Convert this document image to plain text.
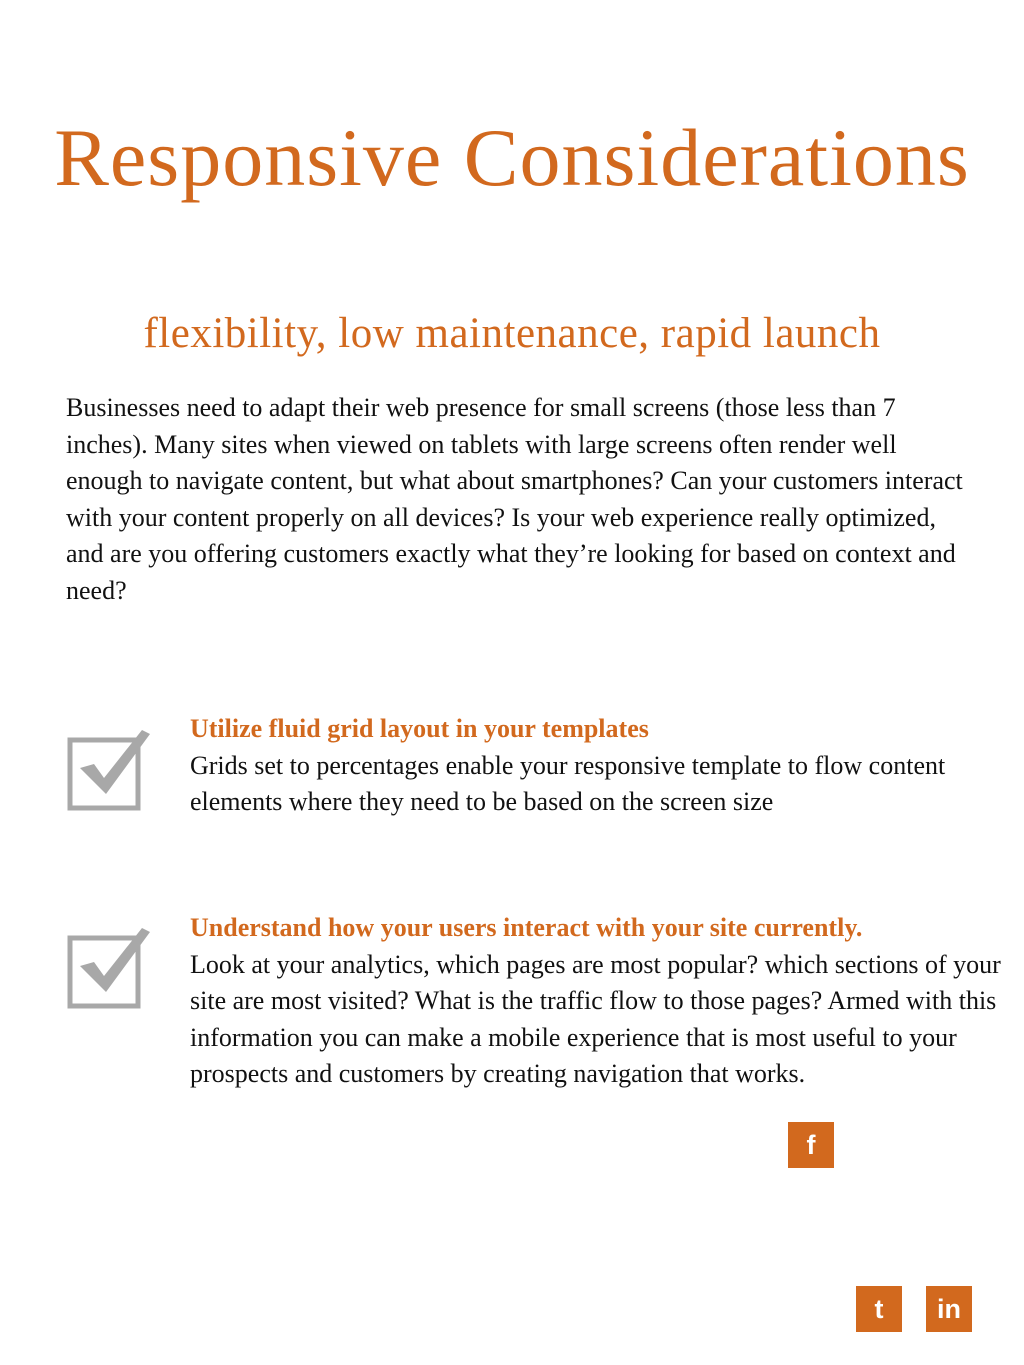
Responsive Considerations
flexibility, low maintenance, rapid launch

Businesses need to adapt their web presence for small screens (those less than 7 inches). Many sites when viewed on tablets with large screens often render well enough to navigate content, but what about smartphones? Can your customers interact with your content properly on all devices? Is your web experience really optimized, and are you offering customers exactly what they’re looking for based on context and need?

Utilize fluid grid layout in your templates
Grids set to percentages enable your responsive template to flow content elements where they need to be based on the screen size
Understand how your users interact with your site currently.
Look at your analytics, which pages are most popular? which sections of your site are most visited? What is the traffic flow to those pages? Armed with this information you can make a mobile experience that is most useful to your prospects and customers by creating navigation that works.
f
t	in
